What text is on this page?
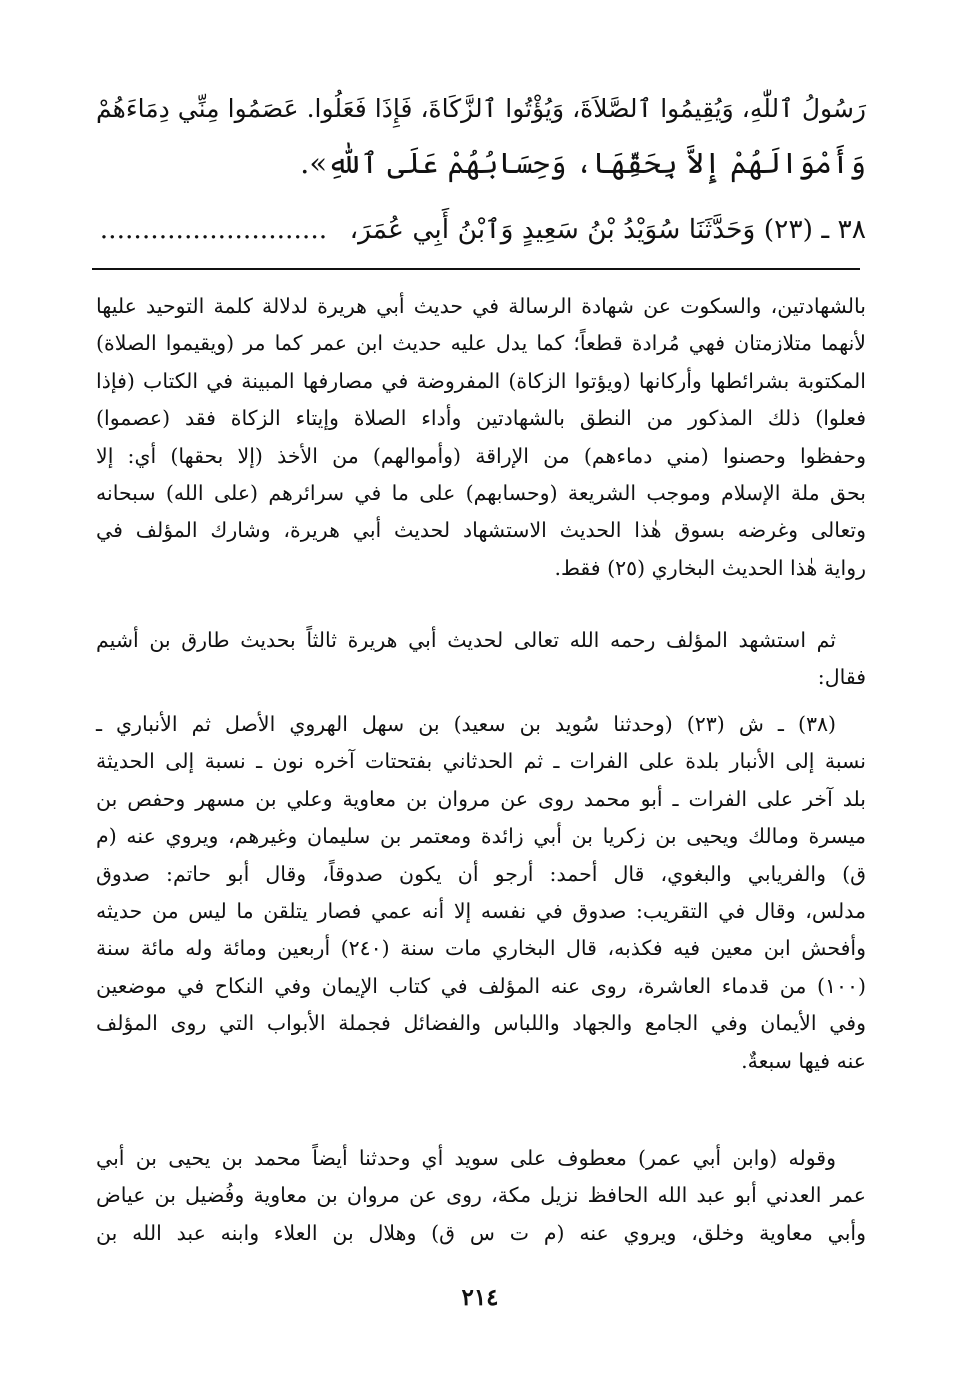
رَسُولُ ٱللّٰهِ، وَيُقِيمُوا ٱلصَّلاَةَ، وَيُؤْتُوا ٱلزَّكَاةَ، فَإِذَا فَعَلُوا. عَصَمُوا مِنِّي دِمَاءَهُمْ
وَأَمْوَالَهُمْ إِلاَّ بِحَقِّهَا، وَحِسَابُهُمْ عَلَى ٱللّٰهِ».
٣٨ ـ (٢٣) وَحَدَّثَنَا سُوَيْدُ بْنُ سَعِيدٍ وَٱبْنُ أَبِي عُمَرَ، ...........................
بالشهادتين، والسكوت عن شهادة الرسالة في حديث أبي هريرة لدلالة كلمة التوحيد عليها
لأنهما متلازمتان فهي مُرادة قطعاً؛ كما يدل عليه حديث ابن عمر كما مر (ويقيموا الصلاة)
المكتوبة بشرائطها وأركانها (ويؤتوا الزكاة) المفروضة في مصارفها المبينة في الكتاب (فإذا
فعلوا) ذلك المذكور من النطق بالشهادتين وأداء الصلاة وإيتاء الزكاة فقد (عصموا)
وحفظوا وحصنوا (مني دماءهم) من الإراقة (وأموالهم) من الأخذ (إلا بحقها) أي: إلا
بحق ملة الإسلام وموجب الشريعة (وحسابهم) على ما في سرائرهم (على الله) سبحانه
وتعالى وغرضه بسوق هٰذا الحديث الاستشهاد لحديث أبي هريرة، وشارك المؤلف في
رواية هٰذا الحديث البخاري (٢٥) فقط.
ثم استشهد المؤلف رحمه الله تعالى لحديث أبي هريرة ثالثاً بحديث طارق بن أشيم
فقال:
(٣٨) ـ ش (٢٣) (وحدثنا سُويد بن سعيد) بن سهل الهروي الأصل ثم الأنباري ـ
نسبة إلى الأنبار بلدة على الفرات ـ ثم الحدثاني بفتحتات آخره نون ـ نسبة إلى الحديثة
بلد آخر على الفرات ـ أبو محمد روى عن مروان بن معاوية وعلي بن مسهر وحفص بن
ميسرة ومالك ويحيى بن زكريا بن أبي زائدة ومعتمر بن سليمان وغيرهم، ويروي عنه (م
ق) والفريابي والبغوي، قال أحمد: أرجو أن يكون صدوقاً، وقال أبو حاتم: صدوق
مدلس، وقال في التقريب: صدوق في نفسه إلا أنه عمي فصار يتلقن ما ليس من حديثه
وأفحش ابن معين فيه فكذبه، قال البخاري مات سنة (٢٤٠) أربعين ومائة وله مائة سنة
(١٠٠) من قدماء العاشرة، روى عنه المؤلف في كتاب الإيمان وفي النكاح في موضعين
وفي الأيمان وفي الجامع والجهاد واللباس والفضائل فجملة الأبواب التي روى المؤلف
عنه فيها سبعةٌ.
وقوله (وابن أبي عمر) معطوف على سويد أي وحدثنا أيضاً محمد بن يحيى بن أبي
عمر العدني أبو عبد الله الحافظ نزيل مكة، روى عن مروان بن معاوية وفُضيل بن عياض
وأبي معاوية وخلق، ويروي عنه (م ت س ق) وهلال بن العلاء وابنه عبد الله بن
٢١٤
